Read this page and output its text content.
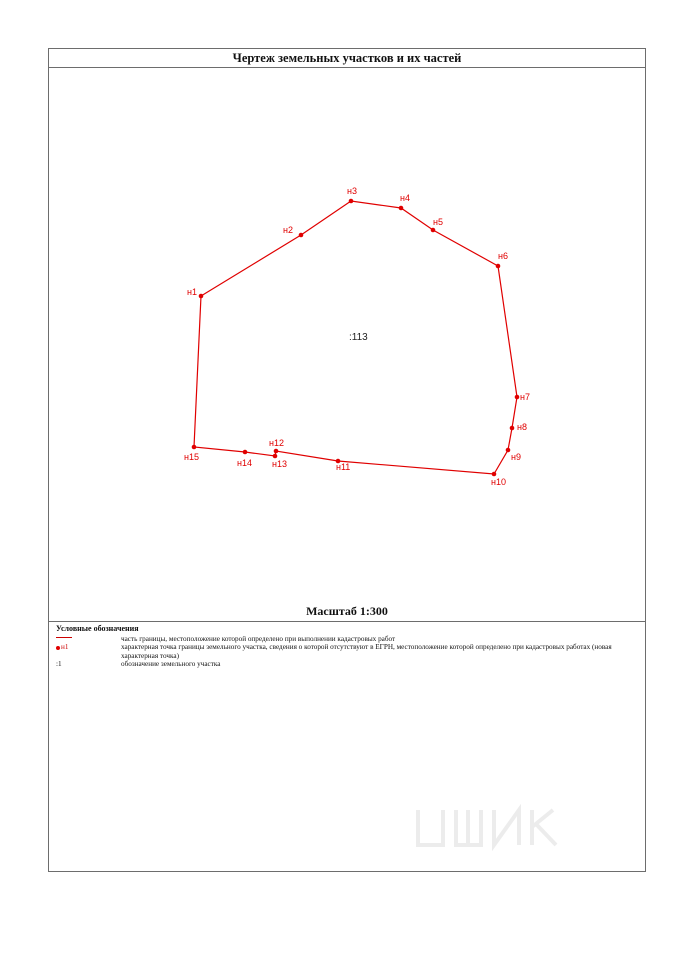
Чертеж земельных участков и их частей
н1
н2
н3
н4
н5
н6
н7
н8
н9
н10
н11
н12
н13
н14
н15
:113
Масштаб 1:300
Условные обозначения
часть границы, местоположение которой определено при выполнении кадастровых работ
н1	характерная точка границы земельного участка, сведения о которой отсутствуют в ЕГРН, местоположение которой определено при кадастровых работах (новая характерная точка)
:1	обозначение земельного участка
